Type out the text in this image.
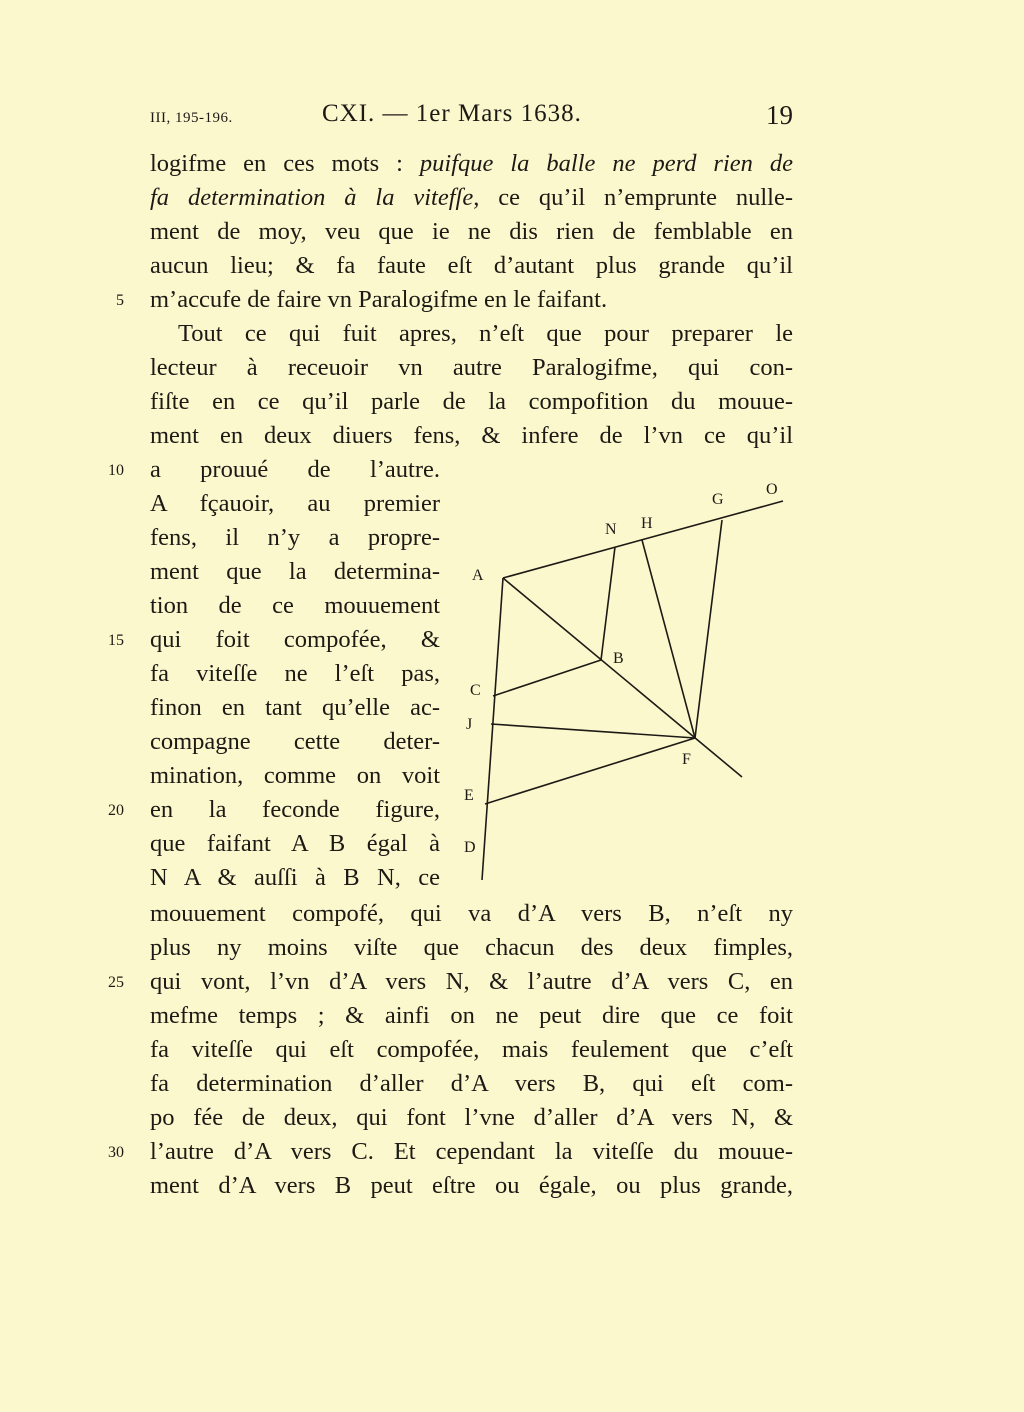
III, 195-196.	CXI. — 1er Mars 1638.	19
logifme en ces mots : puifque la balle ne perd rien de
fa determination à la vitefſe, ce qu’il n’emprunte nulle-
ment de moy, veu que ie ne dis rien de femblable en
aucun lieu; & fa faute eſt d’autant plus grande qu’il
m’accufe de faire vn Paralogifme en le faifant.
Tout ce qui fuit apres, n’eſt que pour preparer le
lecteur à receuoir vn autre Paralogifme, qui con-
fiſte en ce qu’il parle de la compofition du mouue-
ment en deux diuers fens, & infere de l’vn ce qu’il
a prouué de l’autre.
A fçauoir, au premier
fens, il n’y a propre-
ment que la determina-
tion de ce mouuement
qui foit compofée, &
fa viteſſe ne l’eſt pas,
finon en tant qu’elle ac-
compagne cette deter-
mination, comme on voit
en la feconde figure,
que faifant A B égal à
N A & auſſi à B N, ce
mouuement compofé, qui va d’A vers B, n’eſt ny
plus ny moins viſte que chacun des deux fimples,
qui vont, l’vn d’A vers N, & l’autre d’A vers C, en
mefme temps ; & ainfi on ne peut dire que ce foit
fa viteſſe qui eſt compofée, mais feulement que c’eſt
fa determination d’aller d’A vers B, qui eſt com-
po fée de deux, qui font l’vne d’aller d’A vers N, &
l’autre d’A vers C. Et cependant la viteſſe du mouue-
ment d’A vers B peut eſtre ou égale, ou plus grande,
5
10
15
20
25
30
A
B
C
J
E
D
F
N H
G
O
